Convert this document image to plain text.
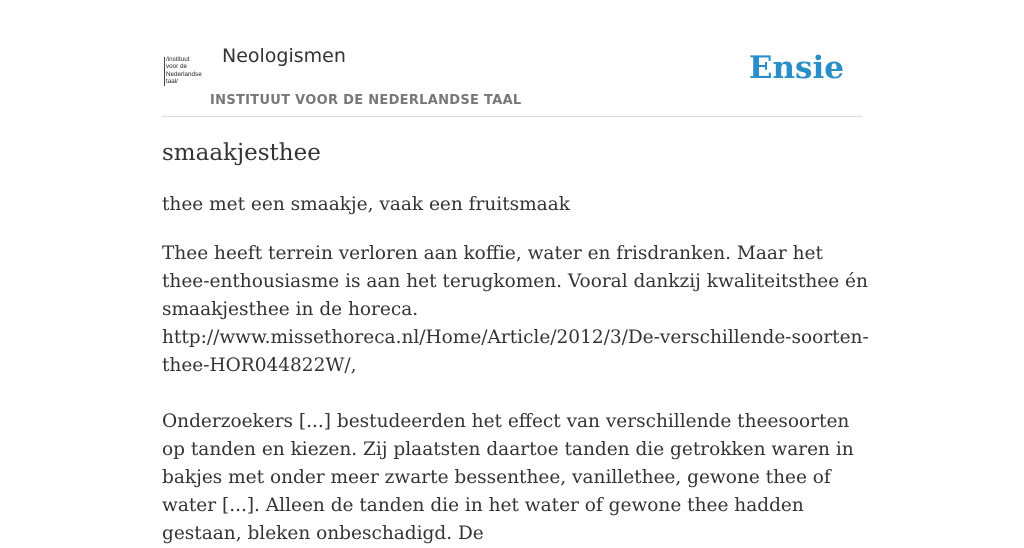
/instituut
voor de
Nederlandse
taal/
Neologismen
INSTITUUT VOOR DE NEDERLANDSE TAAL
Ensie
smaakjesthee
thee met een smaakje, vaak een fruitsmaak

Thee heeft terrein verloren aan koffie, water en frisdranken. Maar het thee-enthousiasme is aan het terugkomen. Vooral dankzij kwaliteitsthee én smaakjesthee in de horeca. http://www.missethoreca.nl/Home/Article/2012/3/De-verschillende-soorten-thee-HOR044822W/,

Onderzoekers [...] bestudeerden het effect van verschillende theesoorten op tanden en kiezen. Zij plaatsten daartoe tanden die getrokken waren in bakjes met onder meer zwarte bessenthee, vanillethee, gewone thee of water [...]. Alleen de tanden die in het water of gewone thee hadden gestaan, bleken onbeschadigd. De
